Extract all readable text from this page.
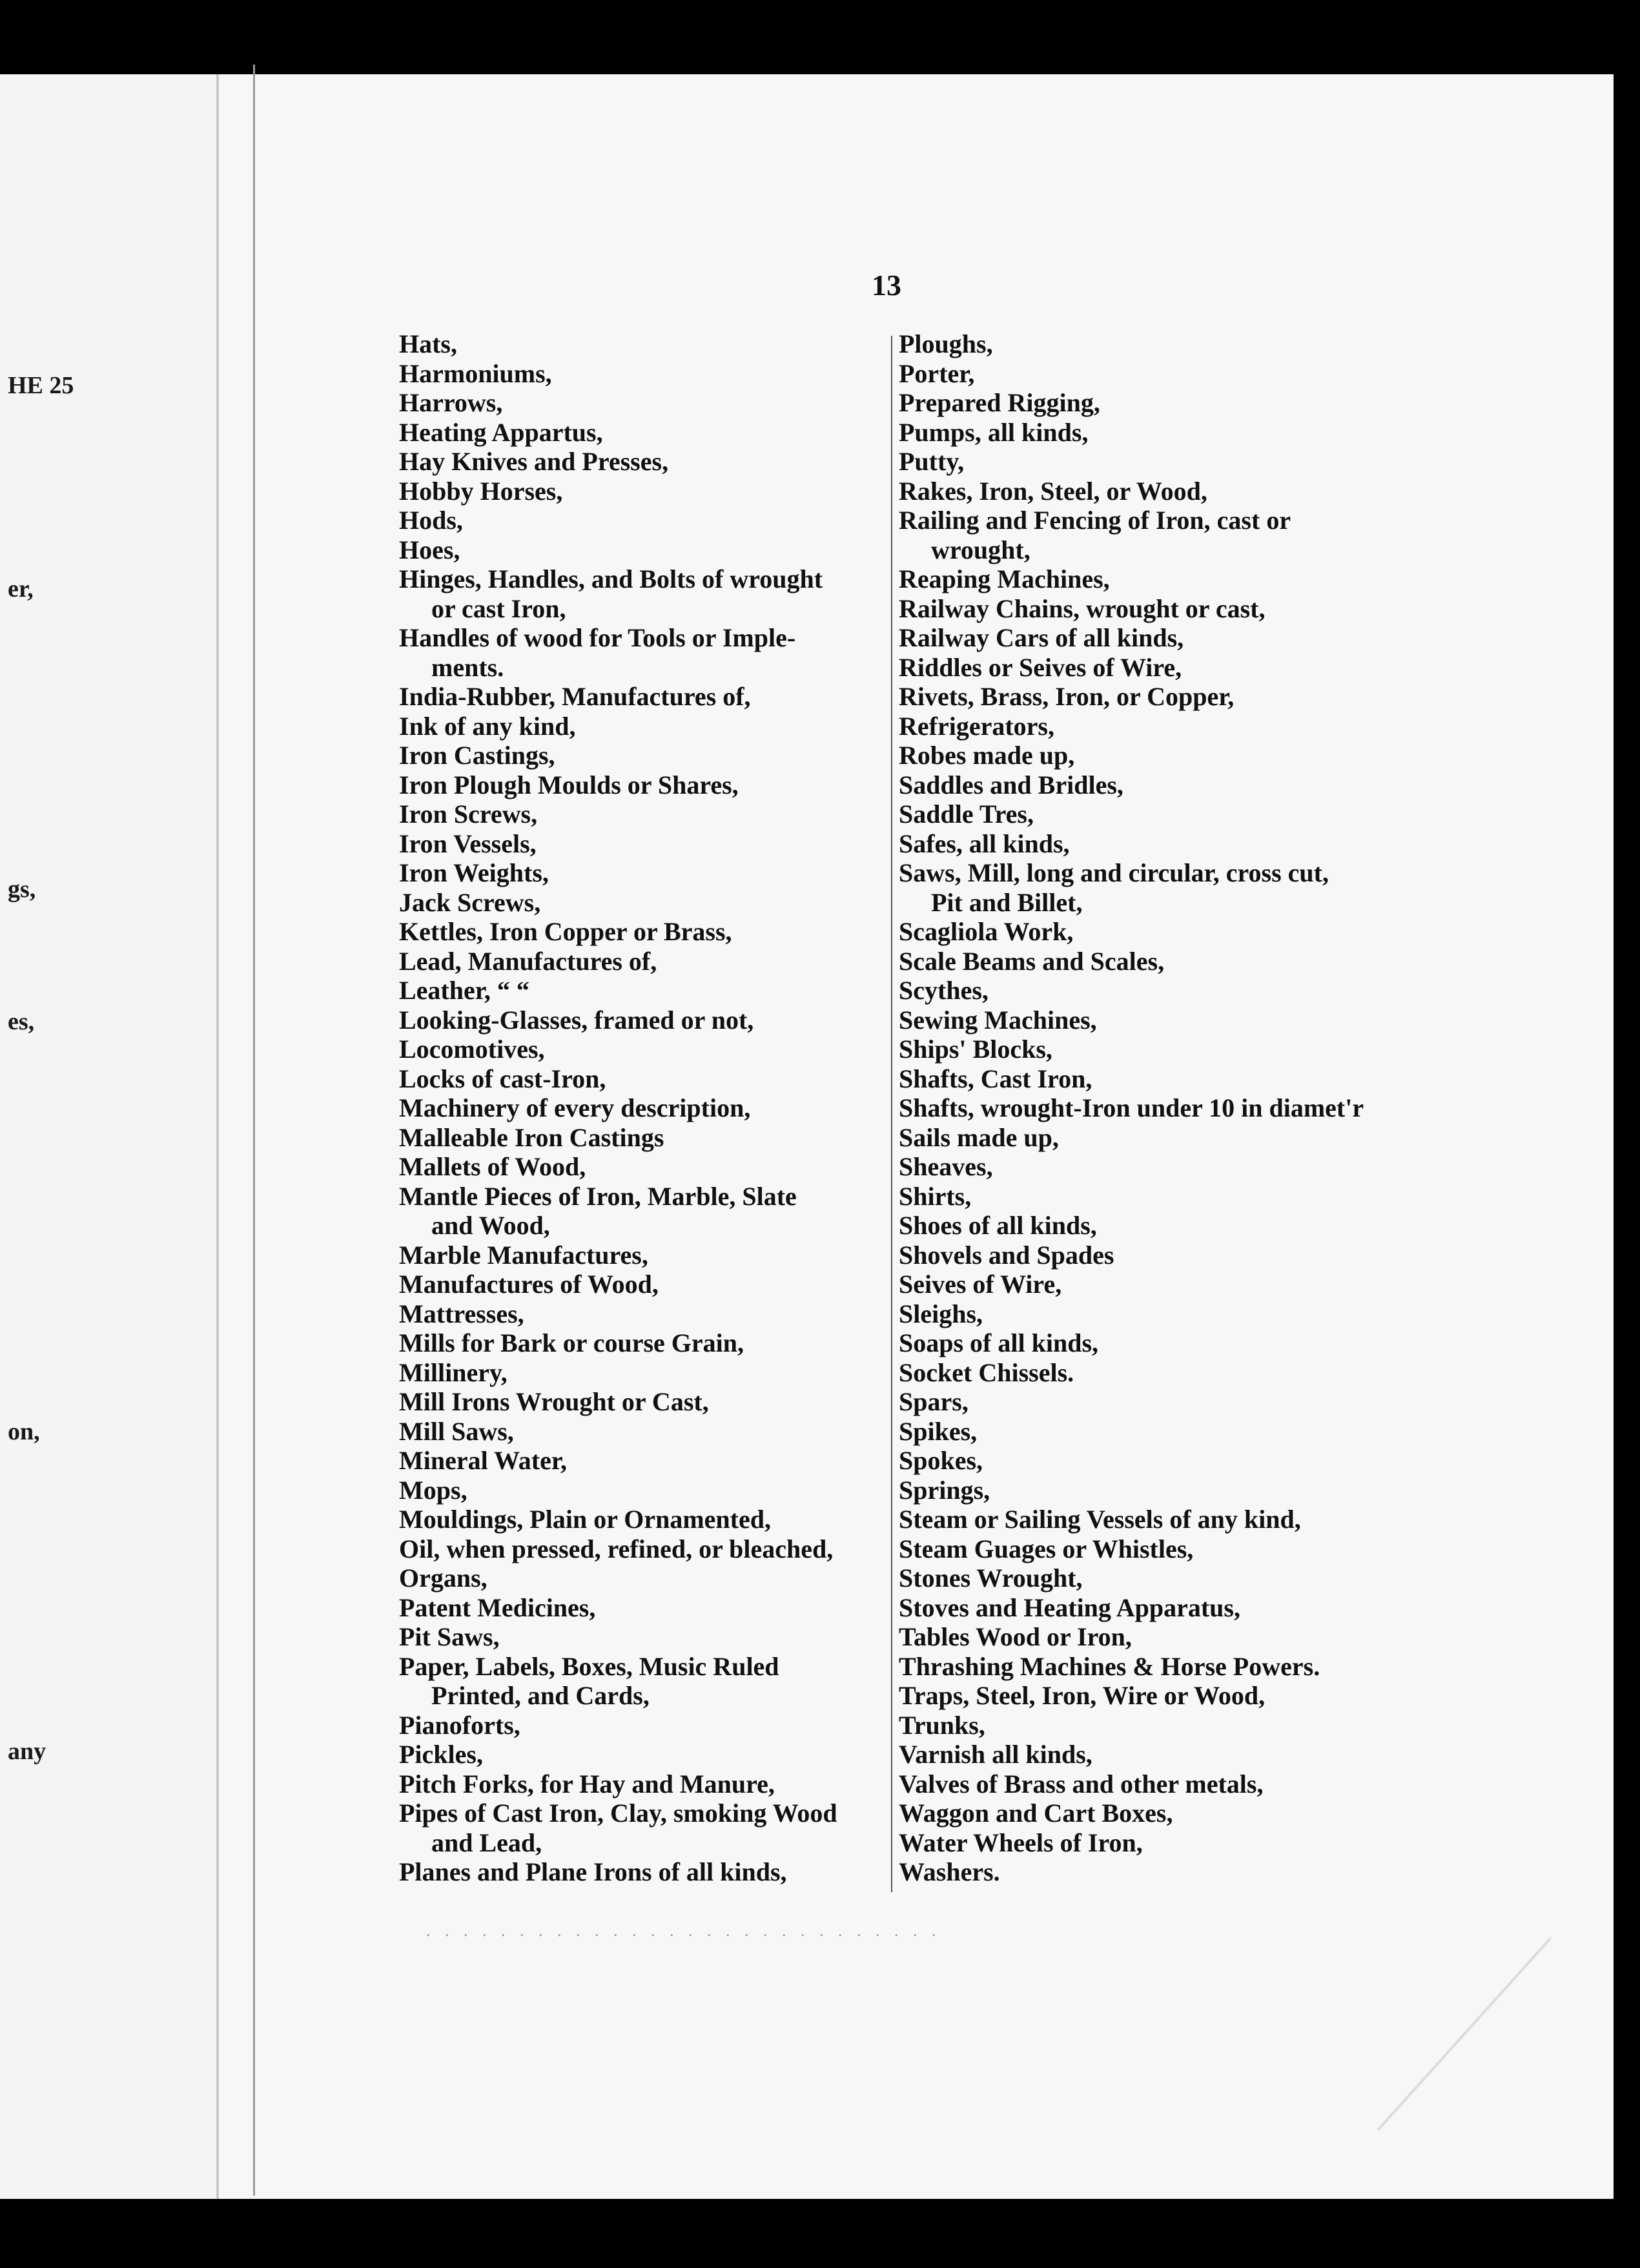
HE 25
er,
gs,
es,
on,
any
13
Hats,
Harmoniums,
Harrows,
Heating Appartus,
Hay Knives and Presses,
Hobby Horses,
Hods,
Hoes,
Hinges, Handles, and Bolts of wrought
or cast Iron,
Handles of wood for Tools or Imple-
ments.
India-Rubber, Manufactures of,
Ink of any kind,
Iron Castings,
Iron Plough Moulds or Shares,
Iron Screws,
Iron Vessels,
Iron Weights,
Jack Screws,
Kettles, Iron Copper or Brass,
Lead, Manufactures of,
Leather, “ “
Looking-Glasses, framed or not,
Locomotives,
Locks of cast-Iron,
Machinery of every description,
Malleable Iron Castings
Mallets of Wood,
Mantle Pieces of Iron, Marble, Slate
and Wood,
Marble Manufactures,
Manufactures of Wood,
Mattresses,
Mills for Bark or course Grain,
Millinery,
Mill Irons Wrought or Cast,
Mill Saws,
Mineral Water,
Mops,
Mouldings, Plain or Ornamented,
Oil, when pressed, refined, or bleached,
Organs,
Patent Medicines,
Pit Saws,
Paper, Labels, Boxes, Music Ruled
Printed, and Cards,
Pianoforts,
Pickles,
Pitch Forks, for Hay and Manure,
Pipes of Cast Iron, Clay, smoking Wood
and Lead,
Planes and Plane Irons of all kinds,
Ploughs,
Porter,
Prepared Rigging,
Pumps, all kinds,
Putty,
Rakes, Iron, Steel, or Wood,
Railing and Fencing of Iron, cast or
wrought,
Reaping Machines,
Railway Chains, wrought or cast,
Railway Cars of all kinds,
Riddles or Seives of Wire,
Rivets, Brass, Iron, or Copper,
Refrigerators,
Robes made up,
Saddles and Bridles,
Saddle Tres,
Safes, all kinds,
Saws, Mill, long and circular, cross cut,
Pit and Billet,
Scagliola Work,
Scale Beams and Scales,
Scythes,
Sewing Machines,
Ships' Blocks,
Shafts, Cast Iron,
Shafts, wrought-Iron under 10 in diamet'r
Sails made up,
Sheaves,
Shirts,
Shoes of all kinds,
Shovels and Spades
Seives of Wire,
Sleighs,
Soaps of all kinds,
Socket Chissels.
Spars,
Spikes,
Spokes,
Springs,
Steam or Sailing Vessels of any kind,
Steam Guages or Whistles,
Stones Wrought,
Stoves and Heating Apparatus,
Tables Wood or Iron,
Thrashing Machines & Horse Powers.
Traps, Steel, Iron, Wire or Wood,
Trunks,
Varnish all kinds,
Valves of Brass and other metals,
Waggon and Cart Boxes,
Water Wheels of Iron,
Washers.
. . . . . . . . . . . . . . . . . . . . . . . . . . . .
